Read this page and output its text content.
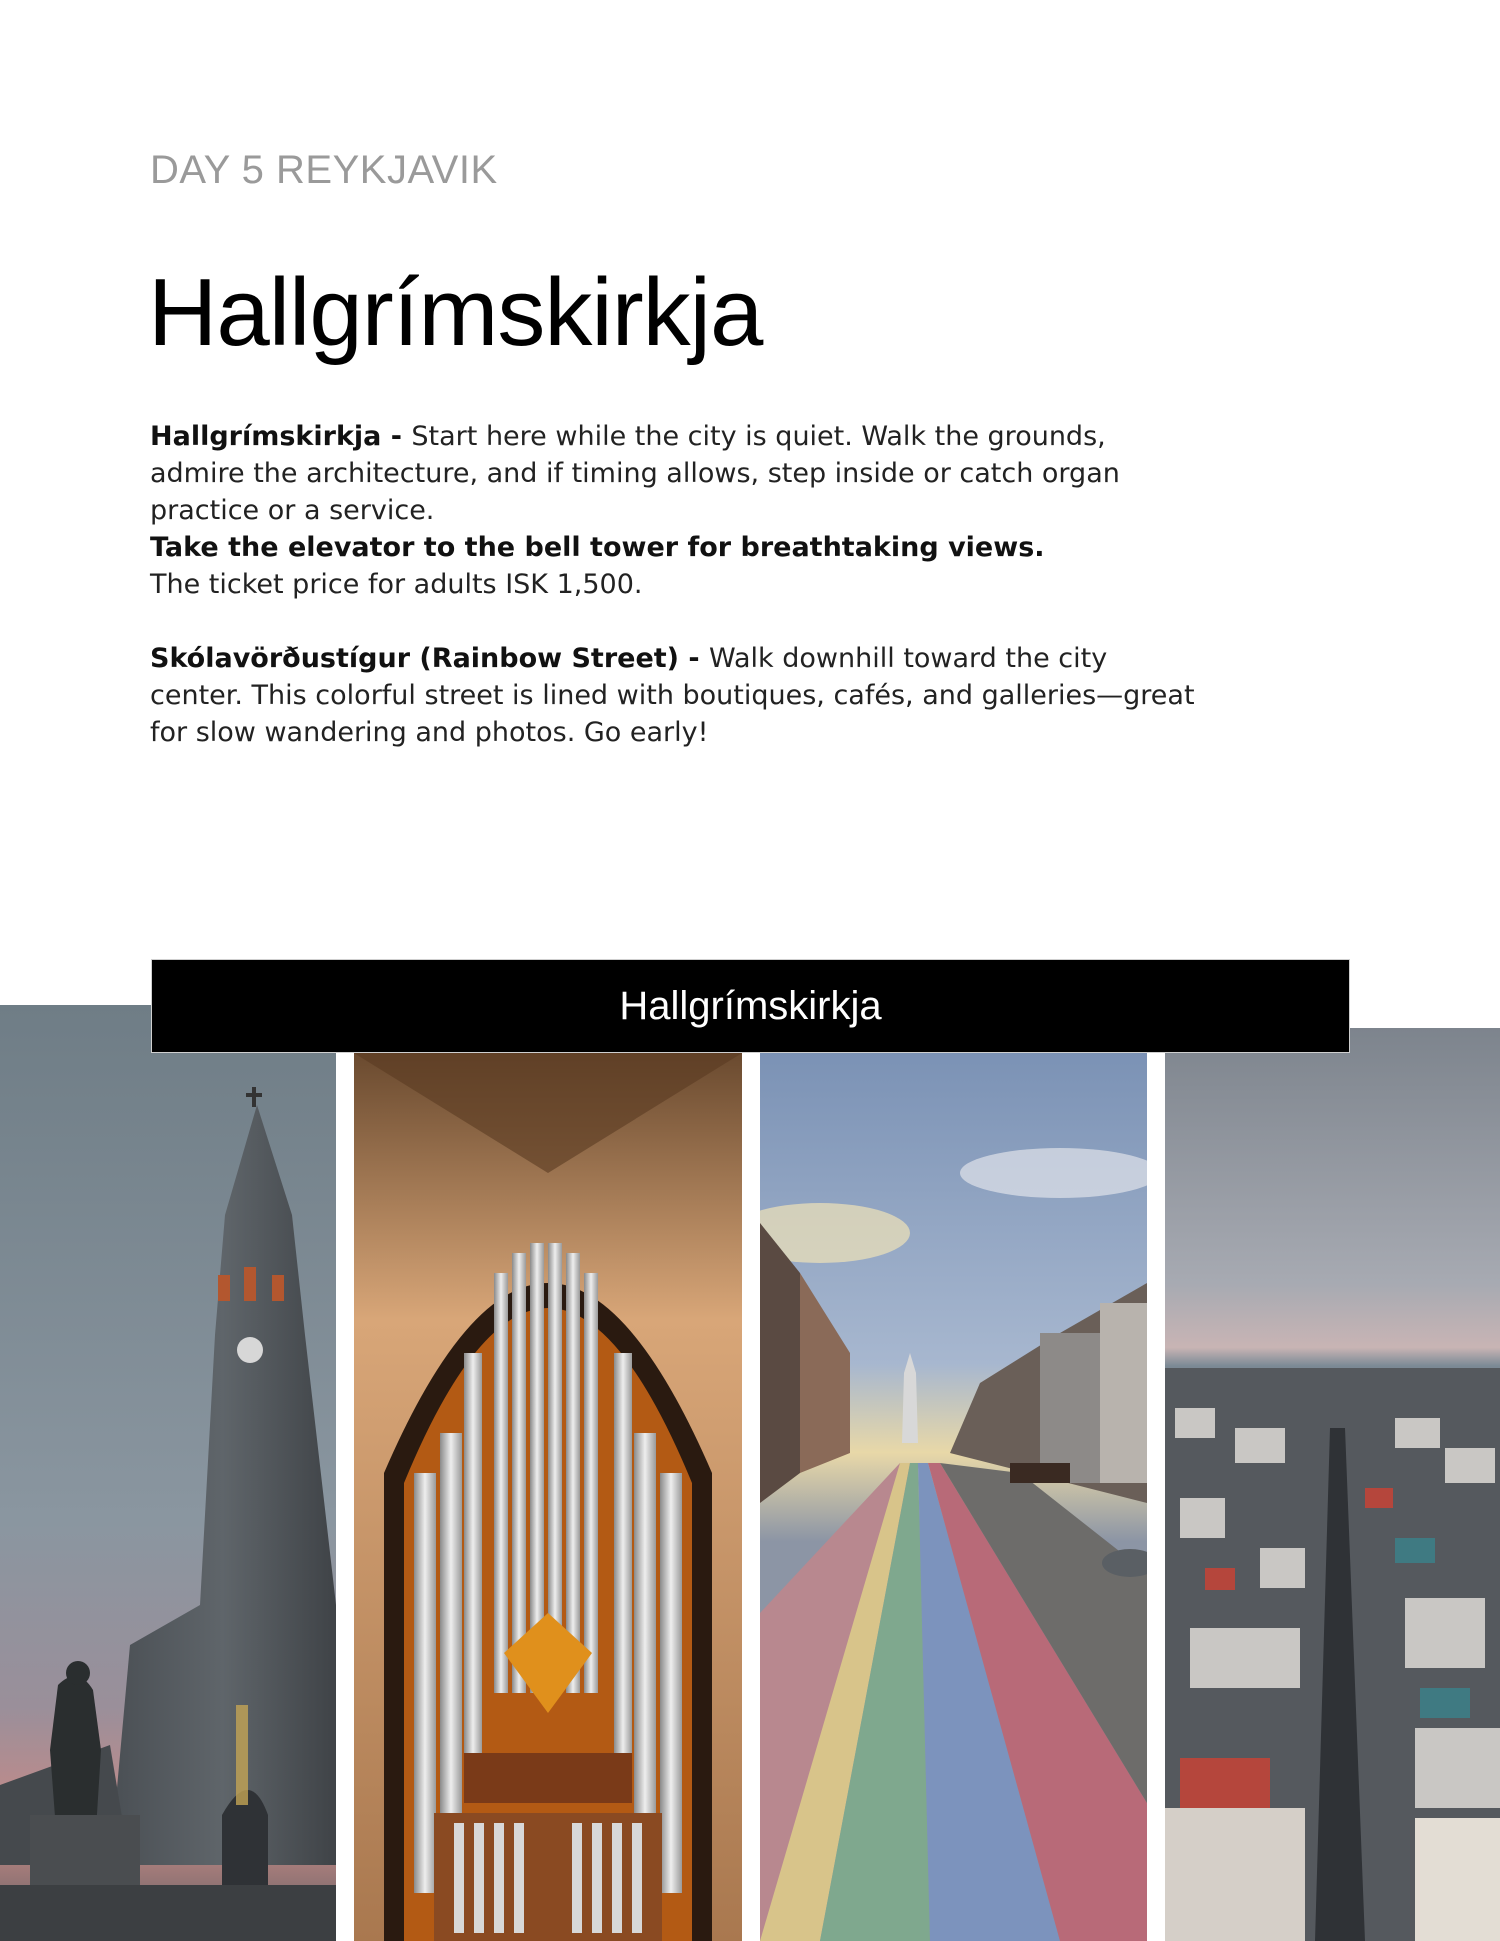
DAY 5 REYKJAVIK
Hallgrímskirkja

Hallgrímskirkja - Start here while the city is quiet. Walk the grounds, admire the architecture, and if timing allows, step inside or catch organ practice or a service.

Take the elevator to the bell tower for breathtaking views.

The ticket price for adults ISK 1,500.

Skólavörðustígur (Rainbow Street) - Walk downhill toward the city center. This colorful street is lined with boutiques, cafés, and galleries—great for slow wandering and photos. Go early!

Hallgrímskirkja
